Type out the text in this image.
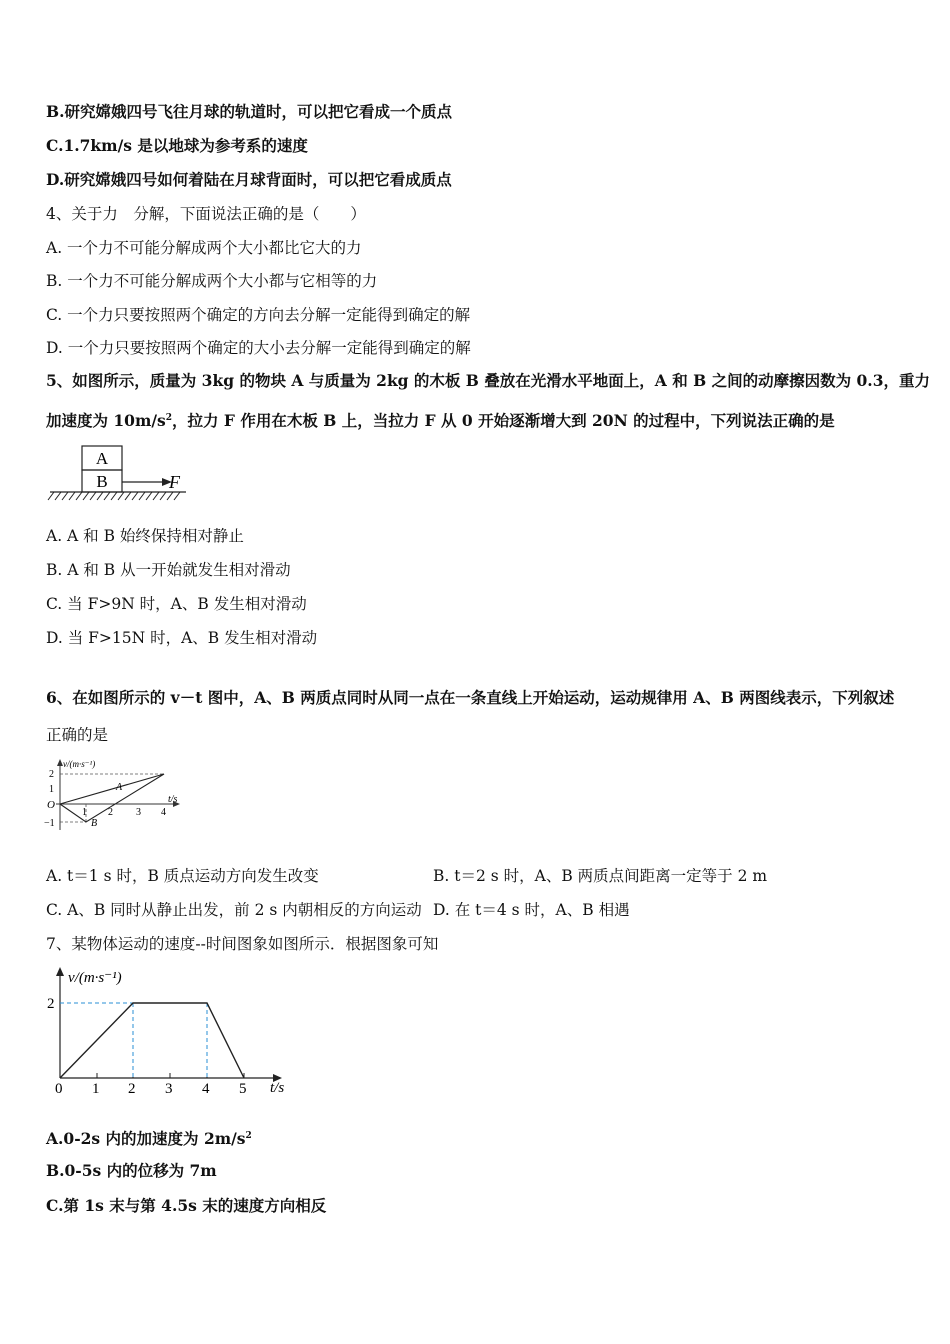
B.研究嫦娥四号飞往月球的轨道时，可以把它看成一个质点
C.1.7km/s 是以地球为参考系的速度
D.研究嫦娥四号如何着陆在月球背面时，可以把它看成质点
4、关于力　分解，下面说法正确的是（　　）
A. 一个力不可能分解成两个大小都比它大的力
B. 一个力不可能分解成两个大小都与它相等的力
C. 一个力只要按照两个确定的方向去分解一定能得到确定的解
D. 一个力只要按照两个确定的大小去分解一定能得到确定的解
5、如图所示，质量为 3kg 的物块 A 与质量为 2kg 的木板 B 叠放在光滑水平地面上，A 和 B 之间的动摩擦因数为 0.3，重力
加速度为 $10m/s^2$，拉力 F 作用在木板 B 上，当拉力 F 从 0 开始逐渐增大到 20N 的过程中，下列说法正确的是
A
B	F
A. A 和 B 始终保持相对静止
B. A 和 B 从一开始就发生相对滑动
C. 当 F>9N 时，A、B 发生相对滑动
D. 当 F>15N 时，A、B 发生相对滑动
6、在如图所示的 v－t 图中，A、B 两质点同时从同一点在一条直线上开始运动，运动规律用 A、B 两图线表示，下列叙述
正确的是
v/(m·s⁻¹)
t/s
O
2
1
−1
1 2 3 4
A
B
A. t＝1 s 时，B 质点运动方向发生改变	B. t＝2 s 时，A、B 两质点间距离一定等于 2 m
C. A、B 同时从静止出发，前 2 s 内朝相反的方向运动 D. 在 t＝4 s 时，A、B 相遇
7、某物体运动的速度--时间图象如图所示．根据图象可知
v/(m·s⁻¹)
t/s
2
0 1 2 3 4 5
A.0-2s 内的加速度为 $2m/s^2$
B.0-5s 内的位移为 7m
C.第 1s 末与第 4.5s 末的速度方向相反
